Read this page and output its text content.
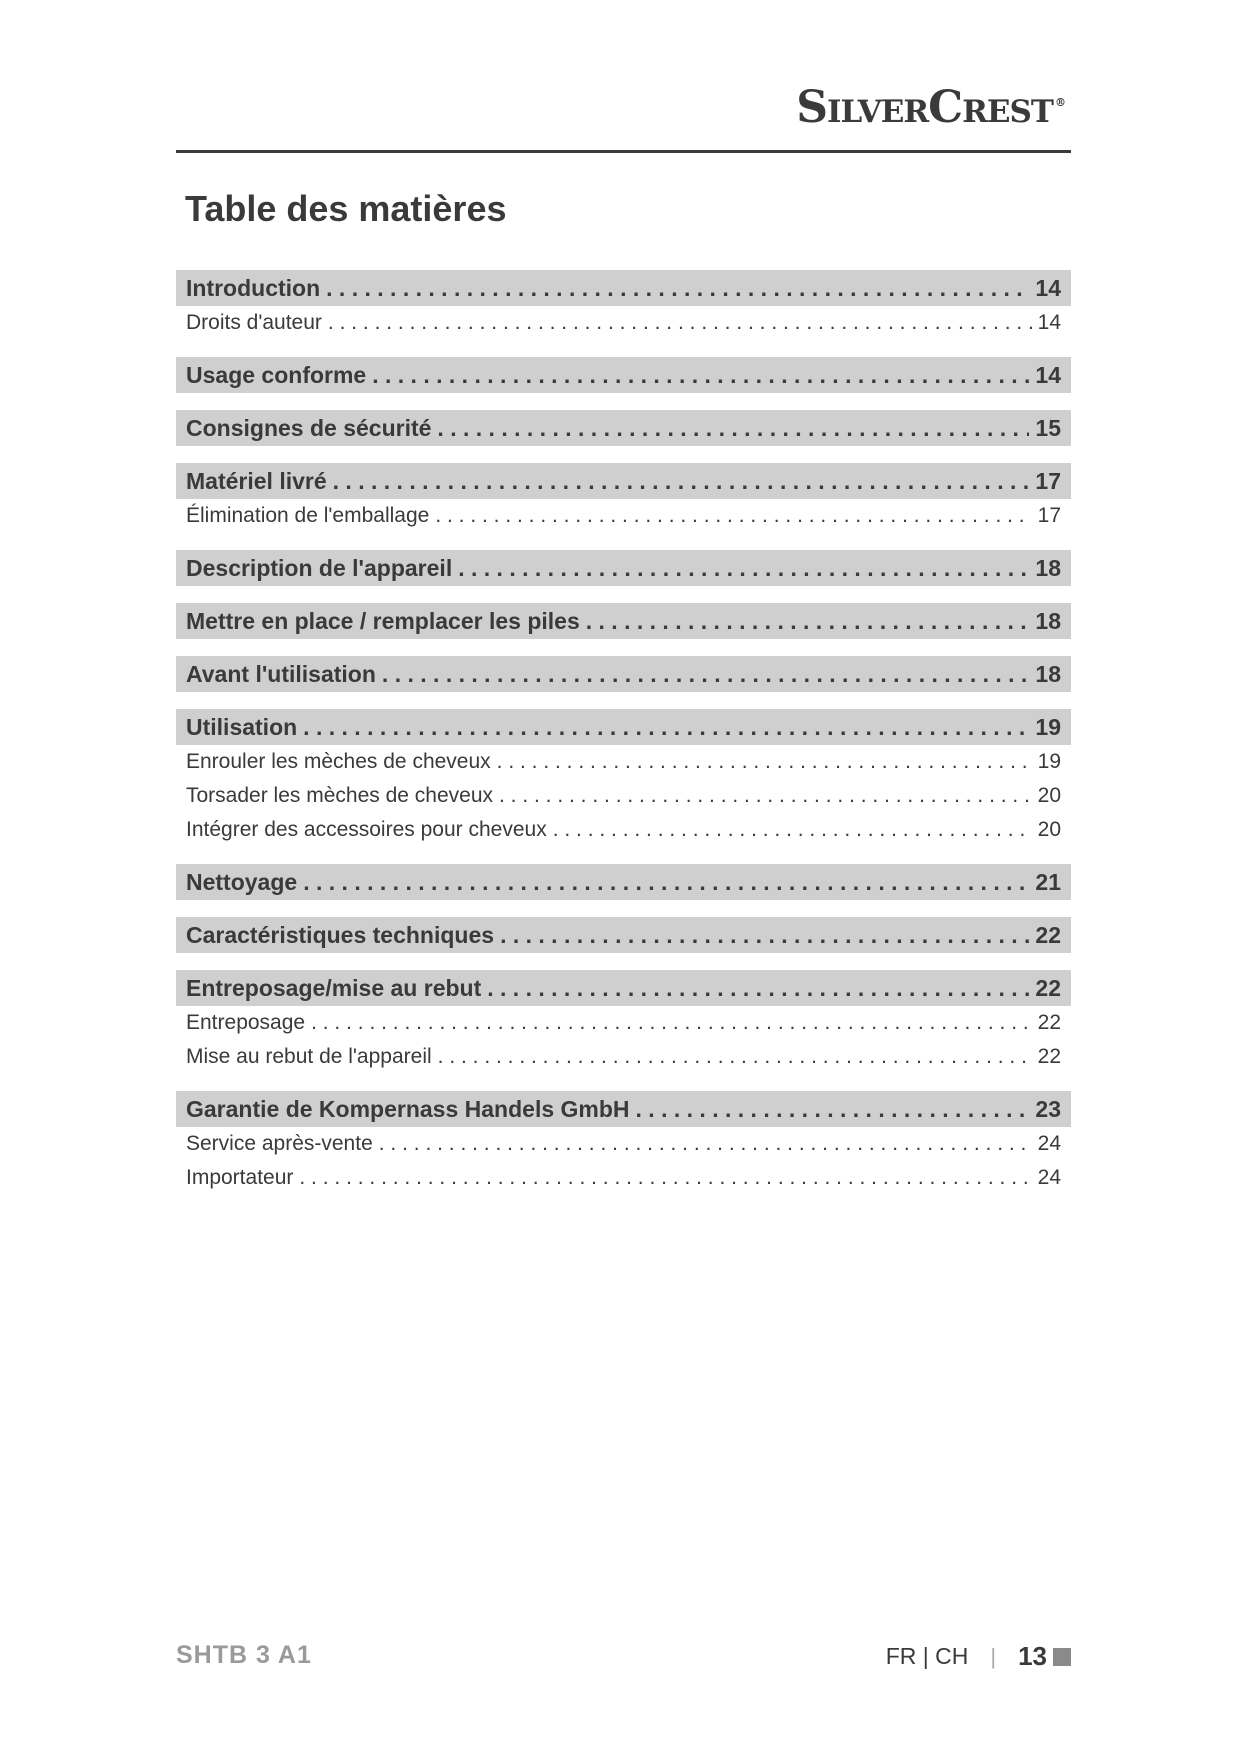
SilverCrest ®
Table des matières
Introduction . . .	14
Droits d'auteur . . .	14
Usage conforme . . .	14
Consignes de sécurité . . .	15
Matériel livré . . .	17
Élimination de l'emballage . . .	17
Description de l'appareil . . .	18
Mettre en place / remplacer les piles . . .	18
Avant l'utilisation . . .	18
Utilisation . . .	19
Enrouler les mèches de cheveux . . .	19
Torsader les mèches de cheveux . . .	20
Intégrer des accessoires pour cheveux . . .	20
Nettoyage . . .	21
Caractéristiques techniques . . .	22
Entreposage/mise au rebut . . .	22
Entreposage . . .	22
Mise au rebut de l'appareil . . .	22
Garantie de Kompernass Handels GmbH . . .	23
Service après-vente . . .	24
Importateur . . .	24
SHTB 3 A1	FR | CH | 13
